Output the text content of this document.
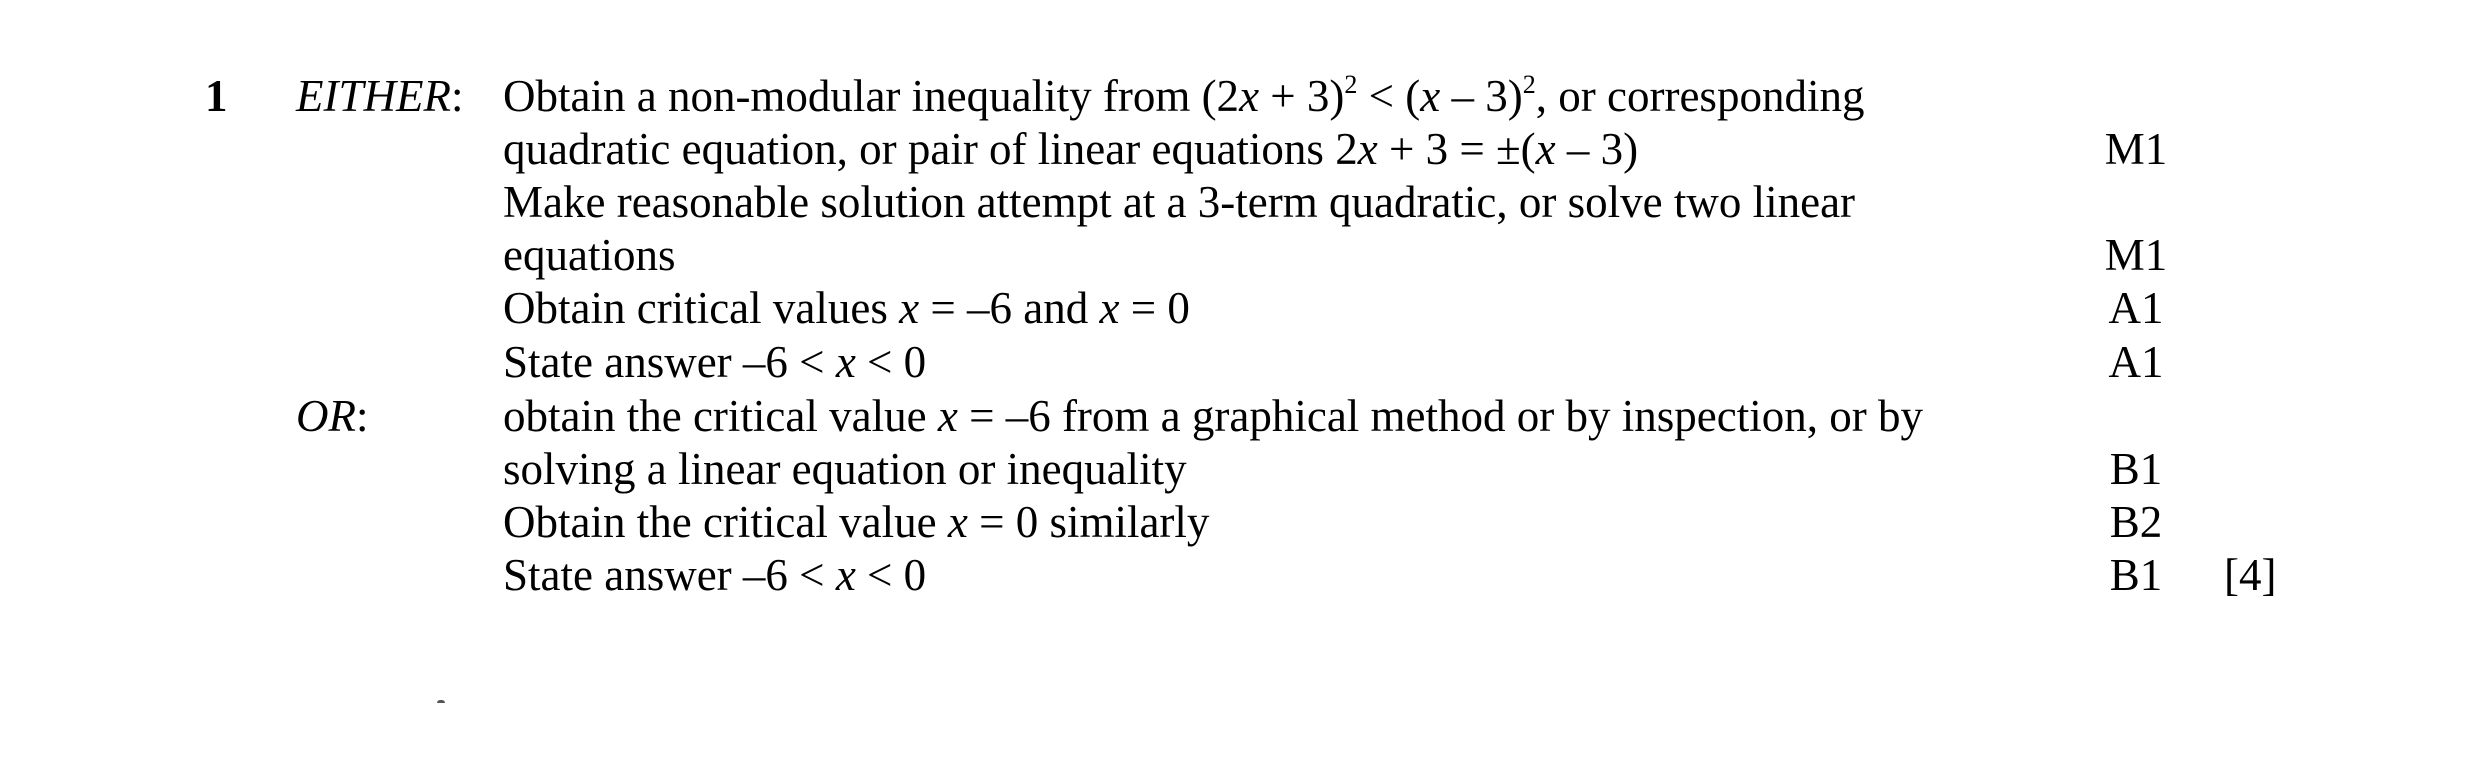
1 EITHER: Obtain a non-modular inequality from $(2x + 3)^2 < (x - 3)^2$, or corresponding
quadratic equation, or pair of linear equations 2x + 3 = ±(x – 3)	M1
Make reasonable solution attempt at a 3-term quadratic, or solve two linear
equations	M1
Obtain critical values x = –6 and x = 0	A1
State answer –6 < x < 0	A1
OR:	obtain the critical value x = –6 from a graphical method or by inspection, or by
solving a linear equation or inequality	B1
Obtain the critical value x = 0 similarly	B2
State answer –6 < x < 0	B1	[4]
